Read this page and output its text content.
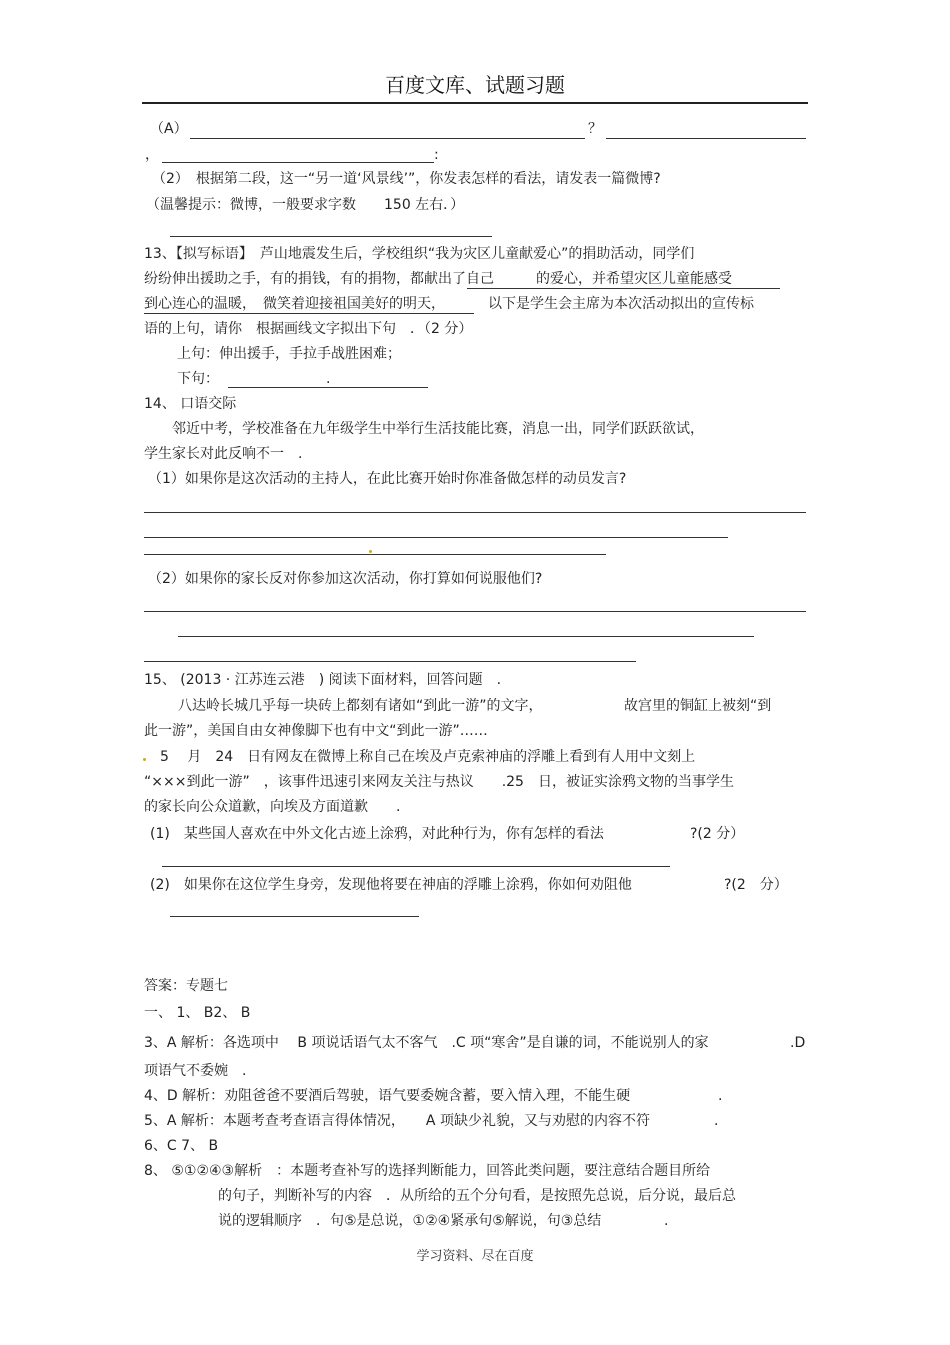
百度文库、试题习题
（A）	？
，	:
（2）　根据第二段，这一“另一道‘风景线’”，你发表怎样的看法，请发表一篇微博?
（温馨提示：微博，一般要求字数　　150 左右．）
13、【拟写标语】　芦山地震发生后，学校组织“我为灾区儿童献爱心”的捐助活动，同学们
纷纷伸出援助之手，有的捐钱，有的捐物，都献出了自己　　　的爱心，并希望灾区儿童能感受
到心连心的温暖，　微笑着迎接祖国美好的明天，	以下是学生会主席为本次活动拟出的宣传标
语的上句，请你　根据画线文字拟出下句　．（2 分）
上句：伸出援手，手拉手战胜困难；
下句：	.
14、 口语交际
邻近中考，学校准备在九年级学生中举行生活技能比赛，消息一出，同学们跃跃欲试，
学生家长对此反响不一　.
（1）如果你是这次活动的主持人，在此比赛开始时你准备做怎样的动员发言?
（2）如果你的家长反对你参加这次活动，你打算如何说服他们?
15、 (2013 · 江苏连云港　) 阅读下面材料，回答问题　.
八达岭长城几乎每一块砖上都刻有诸如“到此一游”的文字，	故宫里的铜缸上被刻“到
此一游”，美国自由女神像脚下也有中文“到此一游”……
5　 月　24　日有网友在微博上称自己在埃及卢克索神庙的浮雕上看到有人用中文刻上
“×××到此一游”　，该事件迅速引来网友关注与热议　　.25　日，被证实涂鸦文物的当事学生
的家长向公众道歉，向埃及方面道歉　　.
(1)　某些国人喜欢在中外文化古迹上涂鸦，对此种行为，你有怎样的看法	?(2 分）
(2)　如果你在这位学生身旁，发现他将要在神庙的浮雕上涂鸦，你如何劝阻他	?(2　分）
答案：专题七
一、 1、 B2、 B
3、A 解析：各选项中　 B 项说话语气太不客气　.C 项“寒舍”是自谦的词，不能说别人的家	.D
项语气不委婉　.
4、D 解析：劝阻爸爸不要酒后驾驶，语气要委婉含蓄，要入情入理，不能生硬	.
5、A 解析：本题考查考查语言得体情况，　　A 项缺少礼貌，又与劝慰的内容不符	.
6、C 7、 B
8、 ⑤①②④③解析　：本题考查补写的选择判断能力，回答此类问题，要注意结合题目所给
的句子，判断补写的内容　．从所给的五个分句看，是按照先总说，后分说，最后总
说的逻辑顺序　．句⑤是总说，①②④紧承句⑤解说，句③总结	.
学习资料、尽在百度
